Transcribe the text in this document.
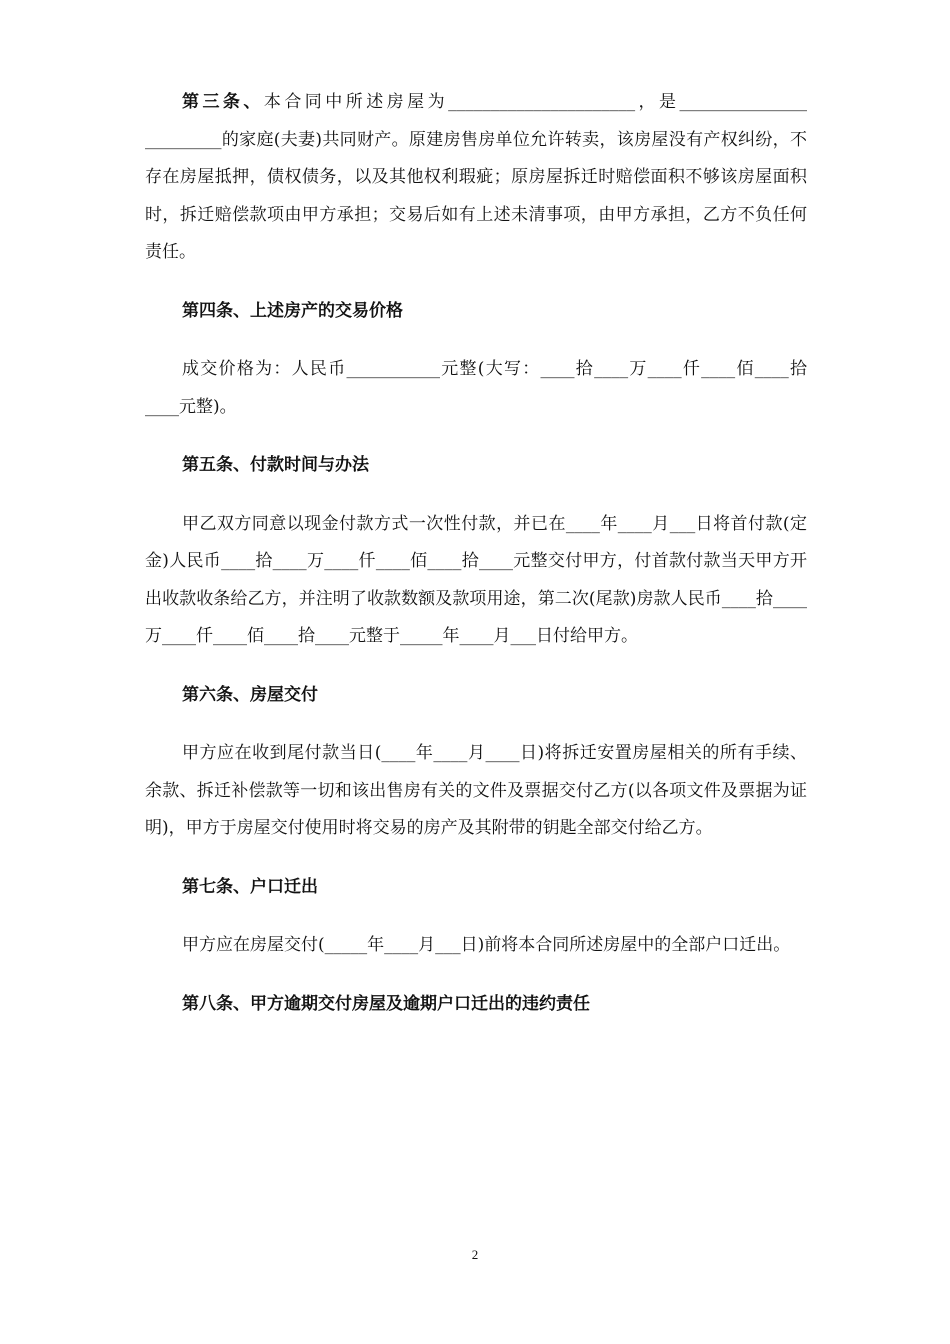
第三条、本合同中所述房屋为______________________，是_______________ _________的家庭(夫妻)共同财产。原建房售房单位允许转卖，该房屋没有产权纠纷，不存在房屋抵押，债权债务，以及其他权利瑕疵；原房屋拆迁时赔偿面积不够该房屋面积时，拆迁赔偿款项由甲方承担；交易后如有上述未清事项，由甲方承担，乙方不负任何责任。

第四条、上述房产的交易价格

成交价格为：人民币___________元整(大写：____拾____万____仟____佰____拾____元整)。

第五条、付款时间与办法

甲乙双方同意以现金付款方式一次性付款，并已在____年____月___日将首付款(定金)人民币____拾____万____仟____佰____拾____元整交付甲方，付首款付款当天甲方开出收款收条给乙方，并注明了收款数额及款项用途，第二次(尾款)房款人民币____拾____万____仟____佰____拾____元整于_____年____月___日付给甲方。

第六条、房屋交付

甲方应在收到尾付款当日(____年____月____日)将拆迁安置房屋相关的所有手续、余款、拆迁补偿款等一切和该出售房有关的文件及票据交付乙方(以各项文件及票据为证明)，甲方于房屋交付使用时将交易的房产及其附带的钥匙全部交付给乙方。

第七条、户口迁出

甲方应在房屋交付(_____年____月___日)前将本合同所述房屋中的全部户口迁出。

第八条、甲方逾期交付房屋及逾期户口迁出的违约责任

2
